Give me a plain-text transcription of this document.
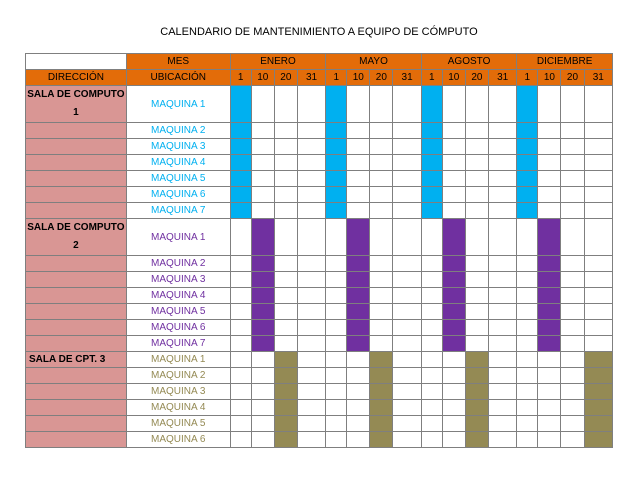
CALENDARIO DE MANTENIMIENTO A EQUIPO DE CÓMPUTO
	MES	ENERO				MAYO				AGOSTO				DICIEMBRE			
DIRECCIÓN	UBICACIÓN	1	10	20	31	1	10	20	31	1	10	20	31	1	10	20	31
SALA DE COMPUTO 1	MAQUINA 1																
	MAQUINA 2																
	MAQUINA 3																
	MAQUINA 4																
	MAQUINA 5																
	MAQUINA 6																
	MAQUINA 7																
SALA DE COMPUTO 2	MAQUINA 1																
	MAQUINA 2																
	MAQUINA 3																
	MAQUINA 4																
	MAQUINA 5																
	MAQUINA 6																
	MAQUINA 7																
SALA DE CPT. 3	MAQUINA 1																
	MAQUINA 2																
	MAQUINA 3																
	MAQUINA 4																
	MAQUINA 5																
	MAQUINA 6																
